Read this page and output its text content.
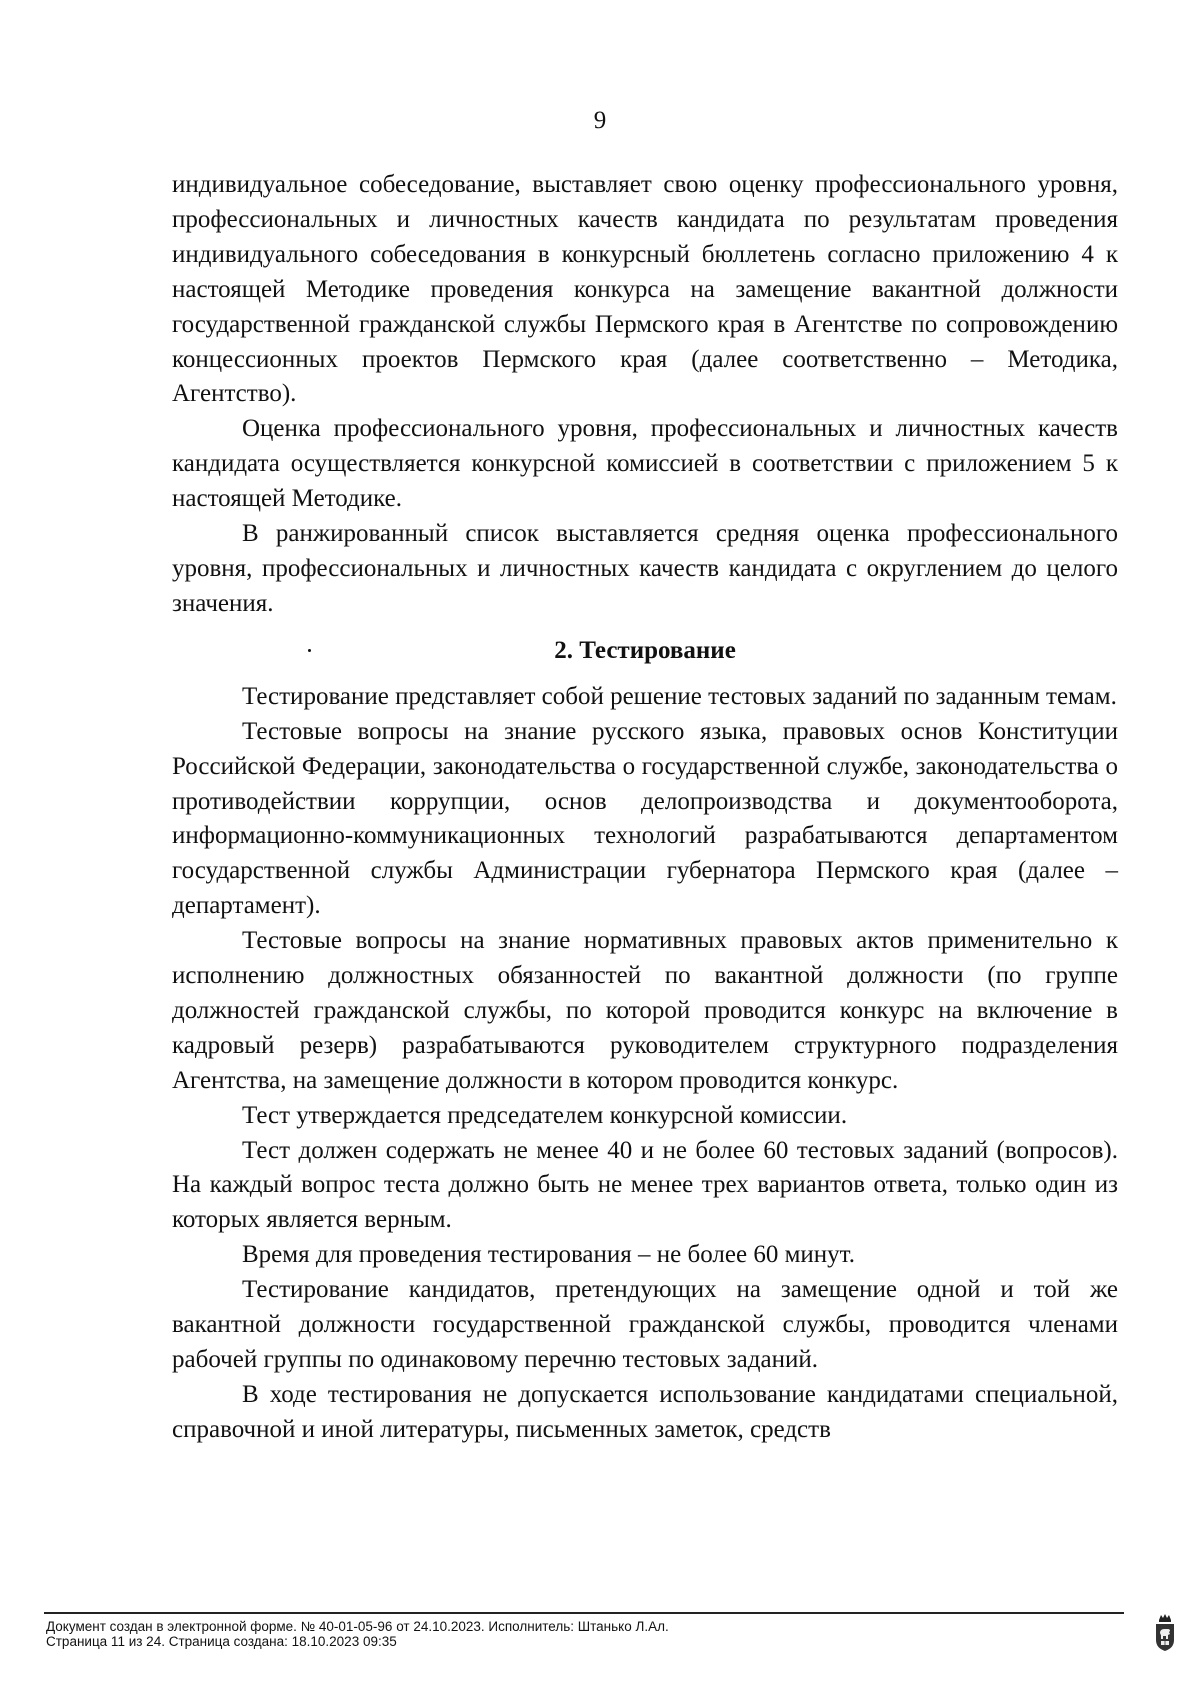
9

индивидуальное собеседование, выставляет свою оценку профессионального уровня, профессиональных и личностных качеств кандидата по результатам проведения индивидуального собеседования в конкурсный бюллетень согласно приложению 4 к настоящей Методике проведения конкурса на замещение вакантной должности государственной гражданской службы Пермского края в Агентстве по сопровождению концессионных проектов Пермского края (далее соответственно – Методика, Агентство).

Оценка профессионального уровня, профессиональных и личностных качеств кандидата осуществляется конкурсной комиссией в соответствии с приложением 5 к настоящей Методике.

В ранжированный список выставляется средняя оценка профессионального уровня, профессиональных и личностных качеств кандидата с округлением до целого значения.

2. Тестирование

Тестирование представляет собой решение тестовых заданий по заданным темам.

Тестовые вопросы на знание русского языка, правовых основ Конституции Российской Федерации, законодательства о государственной службе, законодательства о противодействии коррупции, основ делопроизводства и документооборота, информационно-коммуникационных технологий разрабатываются департаментом государственной службы Администрации губернатора Пермского края (далее – департамент).

Тестовые вопросы на знание нормативных правовых актов применительно к исполнению должностных обязанностей по вакантной должности (по группе должностей гражданской службы, по которой проводится конкурс на включение в кадровый резерв) разрабатываются руководителем структурного подразделения Агентства, на замещение должности в котором проводится конкурс.

Тест утверждается председателем конкурсной комиссии.

Тест должен содержать не менее 40 и не более 60 тестовых заданий (вопросов). На каждый вопрос теста должно быть не менее трех вариантов ответа, только один из которых является верным.

Время для проведения тестирования – не более 60 минут.

Тестирование кандидатов, претендующих на замещение одной и той же вакантной должности государственной гражданской службы, проводится членами рабочей группы по одинаковому перечню тестовых заданий.

В ходе тестирования не допускается использование кандидатами специальной, справочной и иной литературы, письменных заметок, средств

Документ создан в электронной форме. № 40-01-05-96 от 24.10.2023. Исполнитель: Штанько Л.Ал.
Страница 11 из 24. Страница создана: 18.10.2023 09:35
